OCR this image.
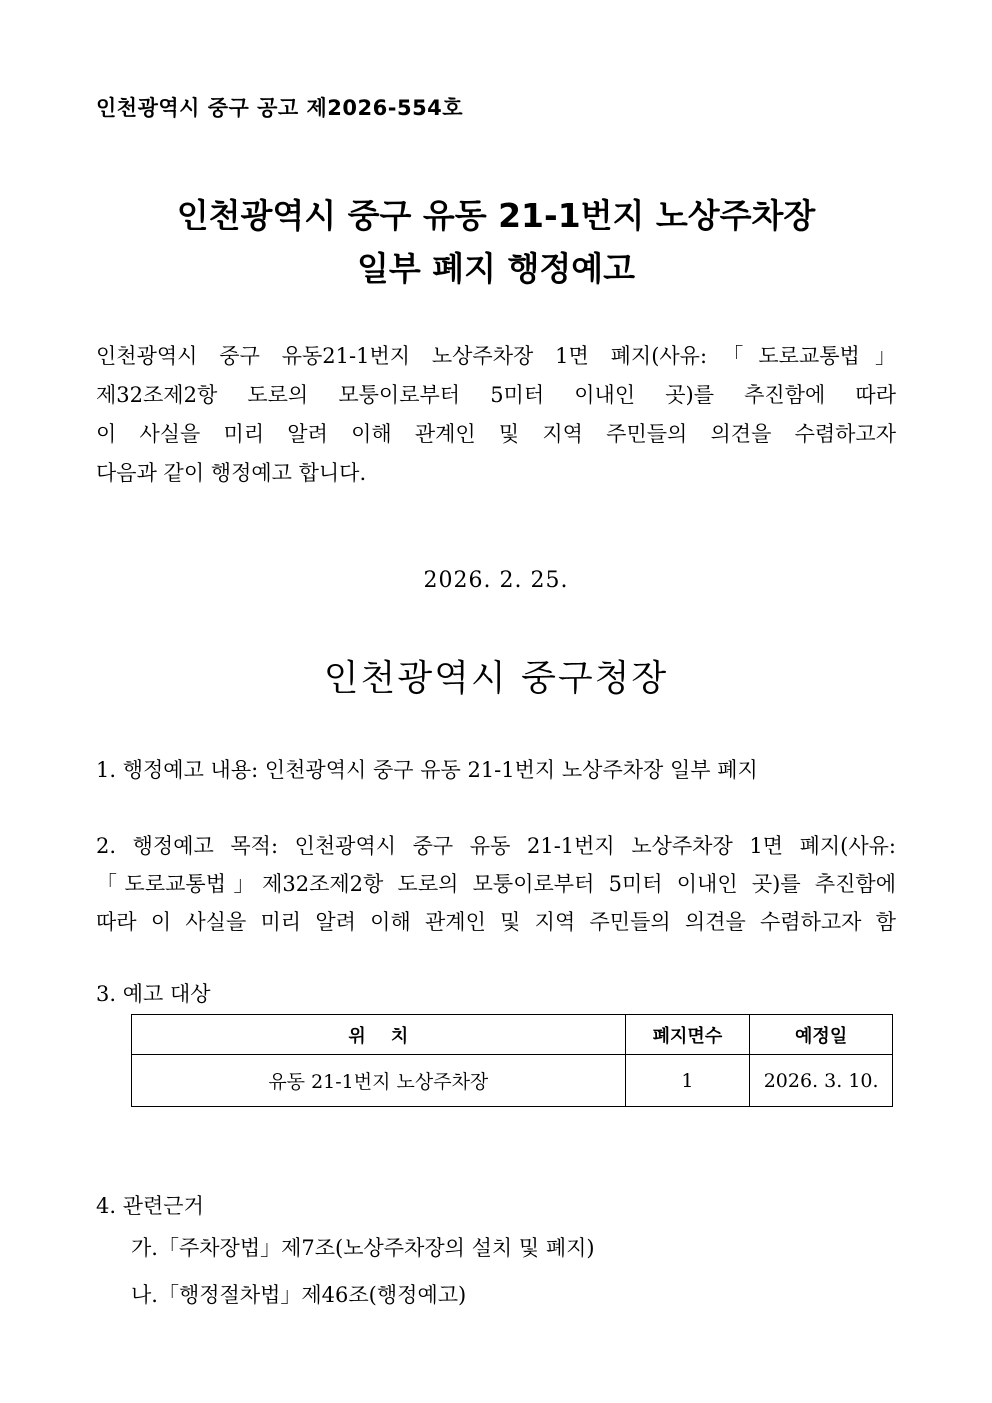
인천광역시 중구 공고 제2026-554호
인천광역시 중구 유동 21-1번지 노상주차장
일부 폐지 행정예고
인천광역시 중구 유동21-1번지 노상주차장 1면 폐지(사유:「도로교통법」
제32조제2항 도로의 모퉁이로부터 5미터 이내인 곳)를 추진함에 따라
이 사실을 미리 알려 이해 관계인 및 지역 주민들의 의견을 수렴하고자
다음과 같이 행정예고 합니다.
2026. 2. 25.
인천광역시 중구청장
1. 행정예고 내용: 인천광역시 중구 유동 21-1번지 노상주차장 일부 폐지
2. 행정예고 목적: 인천광역시 중구 유동 21-1번지 노상주차장 1면 폐지(사유:
「도로교통법」제32조제2항 도로의 모퉁이로부터 5미터 이내인 곳)를 추진함에
따라 이 사실을 미리 알려 이해 관계인 및 지역 주민들의 의견을 수렴하고자 함
3. 예고 대상
위    치	폐지면수	예정일
유동 21-1번지 노상주차장	1	2026. 3. 10.
4. 관련근거
가.「주차장법」제7조(노상주차장의 설치 및 폐지)
나.「행정절차법」제46조(행정예고)
